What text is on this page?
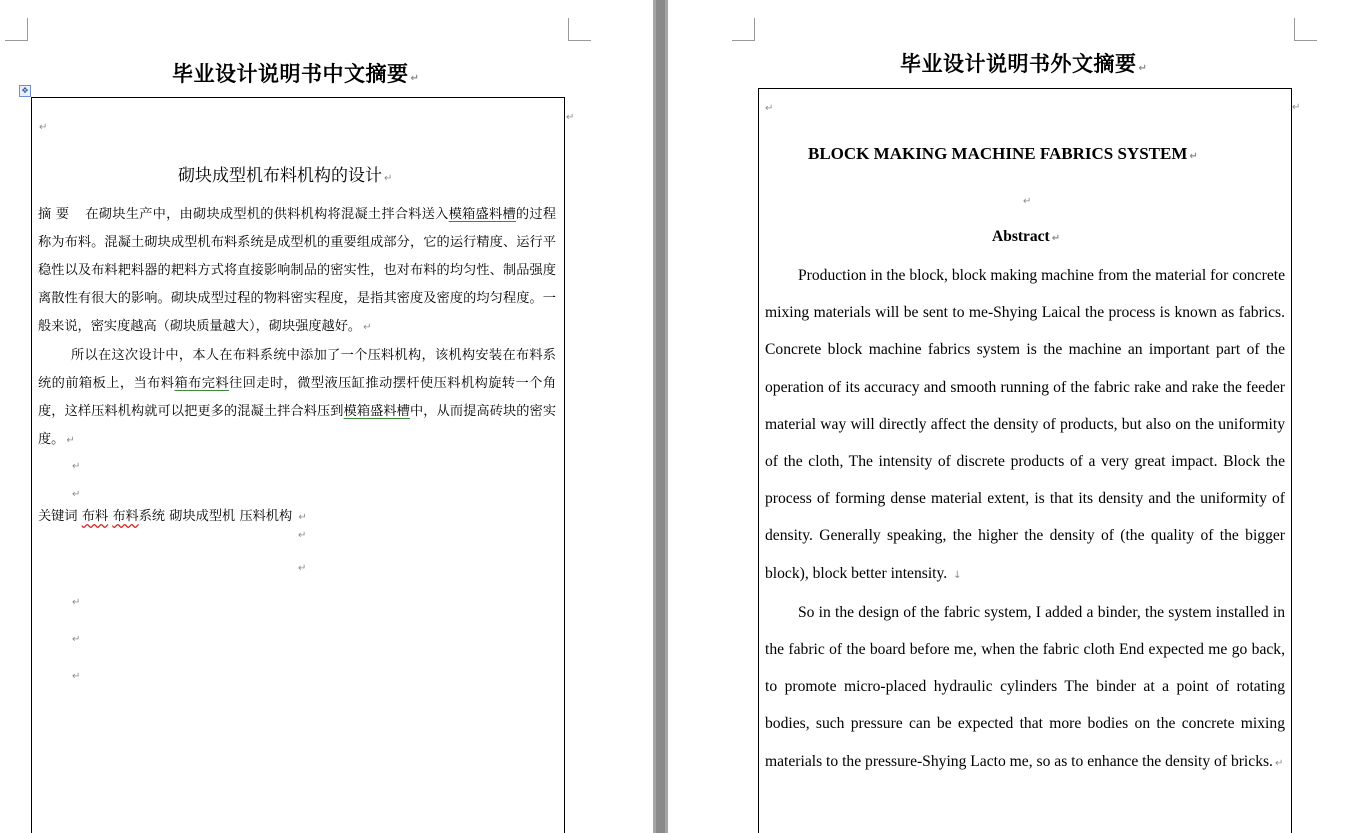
毕业设计说明书中文摘要 ↵
✥
↵
↵
砌块成型机布料机构的设计 ↵

摘 要 在砌块生产中，由砌块成型机的供料机构将混凝土拌合料送入模箱盛料槽的过程称为布料。混凝土砌块成型机布料系统是成型机的重要组成部分，它的运行精度、运行平稳性以及布料耙料器的耙料方式将直接影响制品的密实性，也对布料的均匀性、制品强度离散性有很大的影响。砌块成型过程的物料密实程度，是指其密度及密度的均匀程度。一般来说，密实度越高（砌块质量越大），砌块强度越好。 ↵

所以在这次设计中，本人在布料系统中添加了一个压料机构，该机构安装在布料系统的前箱板上，当布料箱布完料往回走时，微型液压缸推动摆杆使压料机构旋转一个角度，这样压料机构就可以把更多的混凝土拌合料压到模箱盛料槽中，从而提高砖块的密实度。 ↵

↵
↵
关键词 布料 布料系统 砌块成型机 压料机构 ↵
↵
↵
↵
↵
↵
毕业设计说明书外文摘要 ↵
↵
↵
BLOCK MAKING MACHINE FABRICS SYSTEM ↵
↵
Abstract ↵

Production in the block, block making machine from the material for concrete mixing materials will be sent to me-Shying Laical the process is known as fabrics. Concrete block machine fabrics system is the machine an important part of the operation of its accuracy and smooth running of the fabric rake and rake the feeder material way will directly affect the density of products, but also on the uniformity of the cloth, The intensity of discrete products of a very great impact. Block the process of forming dense material extent, is that its density and the uniformity of density. Generally speaking, the higher the density of (the quality of the bigger block), block better intensity. ↓

So in the design of the fabric system, I added a binder, the system installed in the fabric of the board before me, when the fabric cloth End expected me go back, to promote micro-placed hydraulic cylinders The binder at a point of rotating bodies, such pressure can be expected that more bodies on the concrete mixing materials to the pressure-Shying Lacto me, so as to enhance the density of bricks. ↵
